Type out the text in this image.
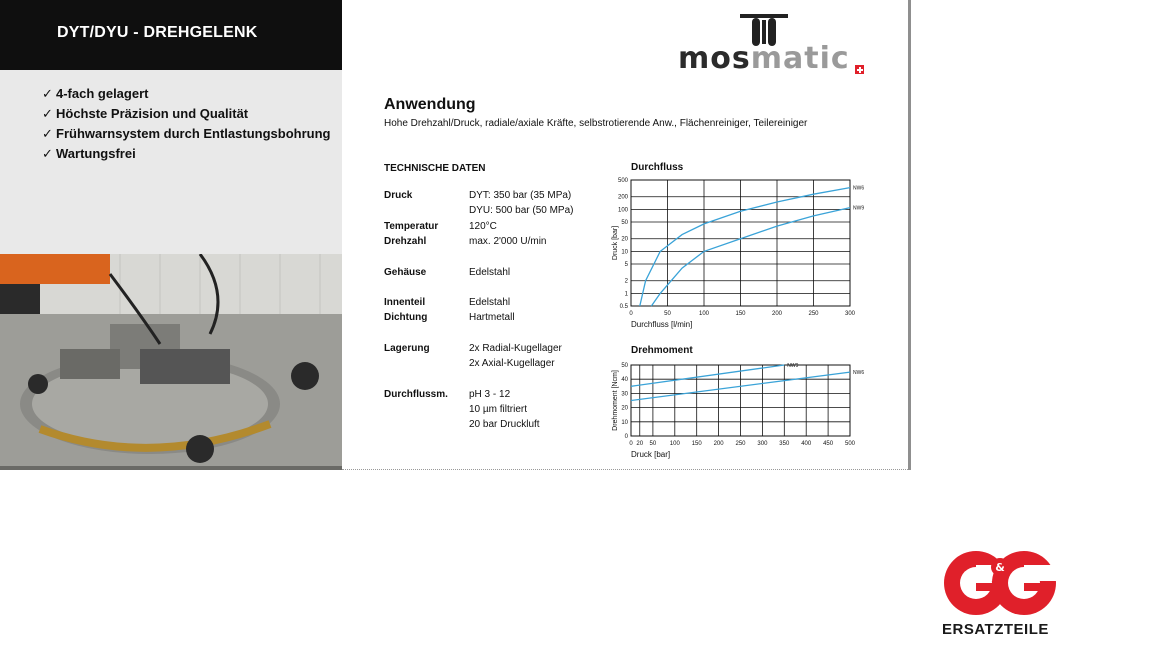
DYT/DYU - DREHGELENK
✓ 4-fach gelagert
✓ Höchste Präzision und Qualität
✓ Frühwarnsystem durch Entlastungsbohrung
✓ Wartungsfrei
mosmatic
Anwendung
Hohe Drehzahl/Druck, radiale/axiale Kräfte, selbstrotierende Anw., Flächenreiniger, Teilereiniger
TECHNISCHE DATEN
Druck	DYT: 350 bar (35 MPa)
DYU: 500 bar (50 MPa)
Temperatur	120°C
Drehzahl	max. 2'000 U/min
Gehäuse	Edelstahl
Innenteil	Edelstahl
Dichtung	Hartmetall
Lagerung	2x Radial-Kugellager
2x Axial-Kugellager
Durchflussm. pH 3 - 12
10 µm filtriert
20 bar Druckluft
Durchfluss
0	50	100	150	200	250	300
0.5
1
2
5
10
20
50
100
200
500
NW6
NW9
Durchfluss [l/min]
Druck [bar]
Drehmoment
0 20 50 100 150 200 250 300 350 400 450 500
0
10
20
30
40
50	NW9
NW6
Druck [bar]
Drehmoment [Ncm]
&
ERSATZTEILE
